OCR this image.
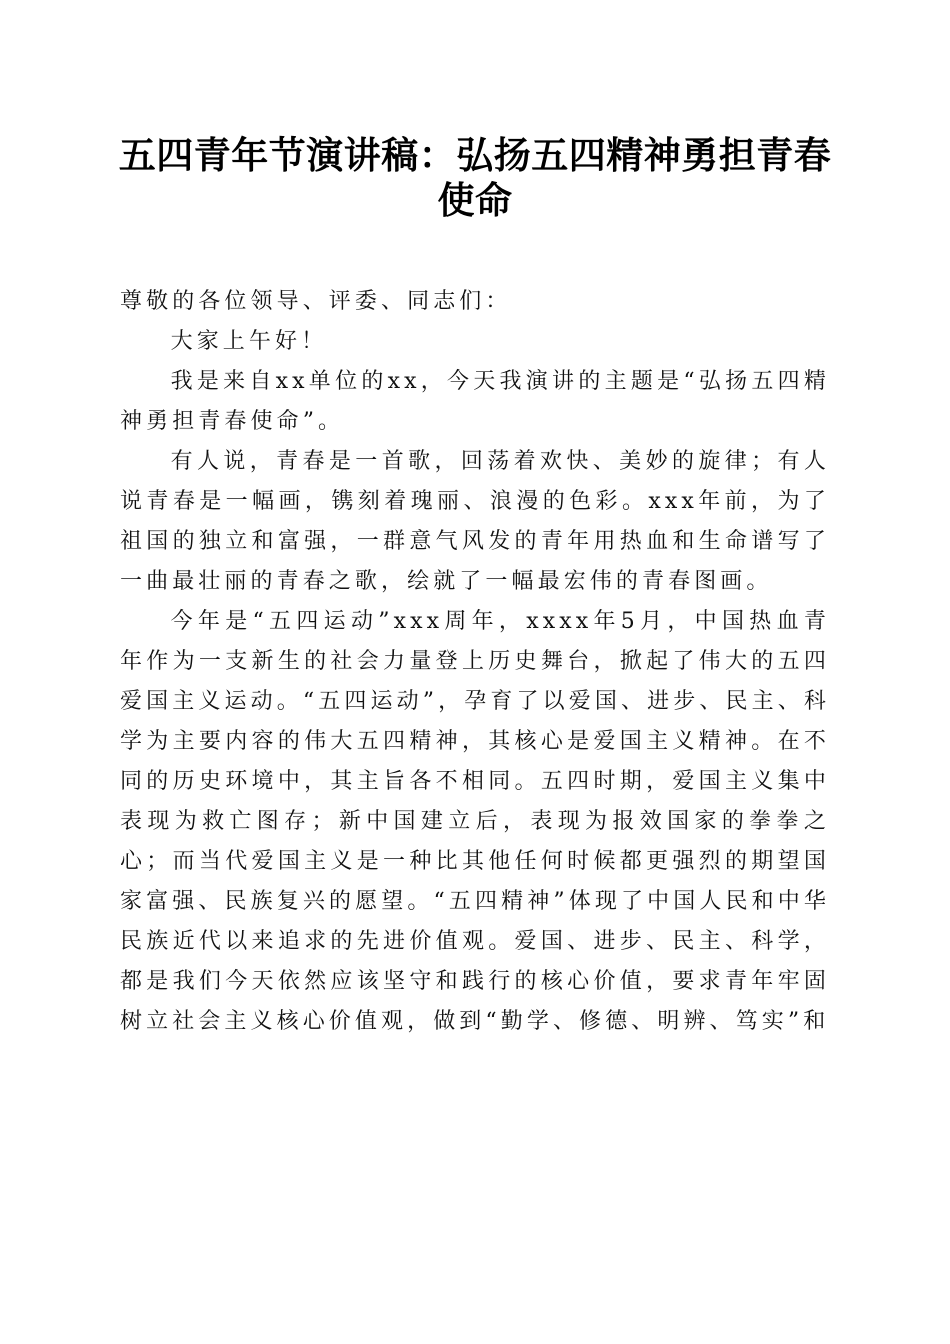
五四青年节演讲稿：弘扬五四精神勇担青春使命

尊敬的各位领导、评委、同志们：

大家上午好！

我是来自xx单位的xx，今天我演讲的主题是“弘扬五四精神勇担青春使命”。

有人说，青春是一首歌，回荡着欢快、美妙的旋律；有人说青春是一幅画，镌刻着瑰丽、浪漫的色彩。xxx年前，为了祖国的独立和富强，一群意气风发的青年用热血和生命谱写了一曲最壮丽的青春之歌，绘就了一幅最宏伟的青春图画。

今年是“五四运动”xxx周年，xxxx年5月，中国热血青年作为一支新生的社会力量登上历史舞台，掀起了伟大的五四爱国主义运动。“五四运动”，孕育了以爱国、进步、民主、科学为主要内容的伟大五四精神，其核心是爱国主义精神。在不同的历史环境中，其主旨各不相同。五四时期，爱国主义集中表现为救亡图存；新中国建立后，表现为报效国家的拳拳之心；而当代爱国主义是一种比其他任何时候都更强烈的期望国家富强、民族复兴的愿望。“五四精神”体现了中国人民和中华民族近代以来追求的先进价值观。爱国、进步、民主、科学，都是我们今天依然应该坚守和践行的核心价值，要求青年牢固树立社会主义核心价值观，做到“勤学、修德、明辨、笃实”和
